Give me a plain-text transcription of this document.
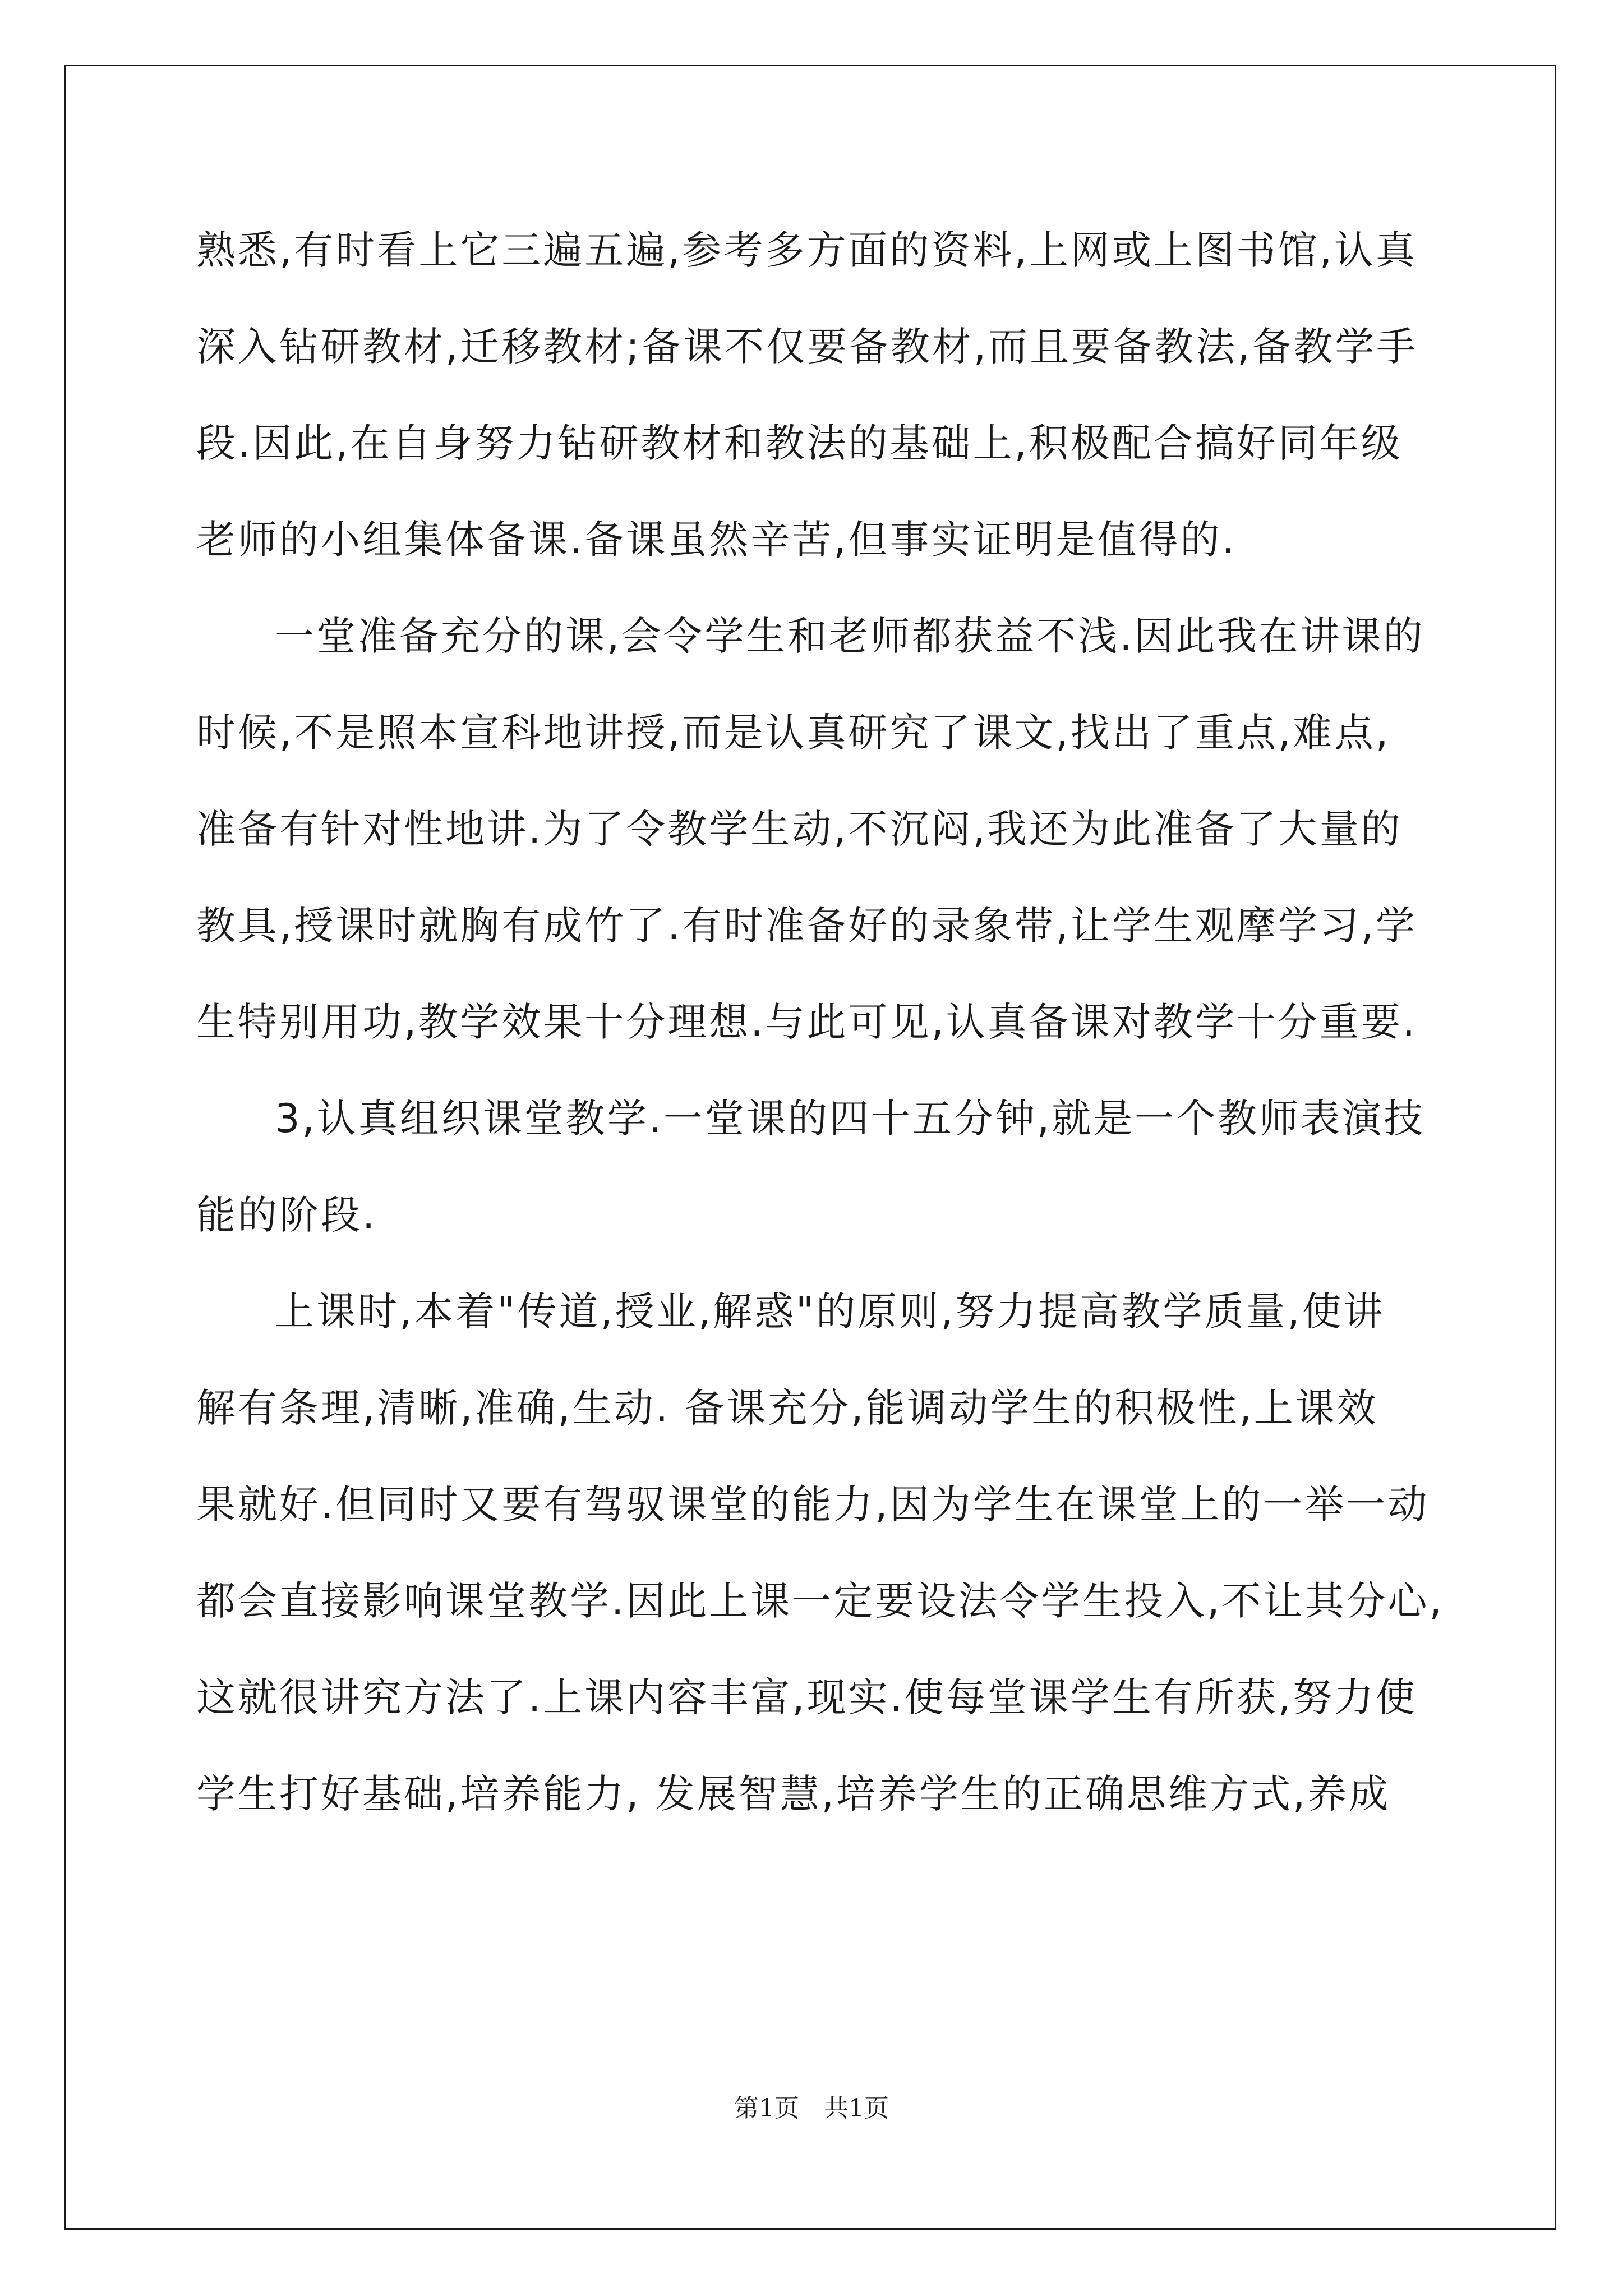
熟悉,有时看上它三遍五遍,参考多方面的资料,上网或上图书馆,认真
深入钻研教材,迁移教材;备课不仅要备教材,而且要备教法,备教学手
段.因此,在自身努力钻研教材和教法的基础上,积极配合搞好同年级
老师的小组集体备课.备课虽然辛苦,但事实证明是值得的.
一堂准备充分的课,会令学生和老师都获益不浅.因此我在讲课的
时候,不是照本宣科地讲授,而是认真研究了课文,找出了重点,难点,
准备有针对性地讲.为了令教学生动,不沉闷,我还为此准备了大量的
教具,授课时就胸有成竹了.有时准备好的录象带,让学生观摩学习,学
生特别用功,教学效果十分理想.与此可见,认真备课对教学十分重要.
3,认真组织课堂教学.一堂课的四十五分钟,就是一个教师表演技
能的阶段.
上课时,本着"传道,授业,解惑"的原则,努力提高教学质量,使讲
解有条理,清晰,准确,生动. 备课充分,能调动学生的积极性,上课效
果就好.但同时又要有驾驭课堂的能力,因为学生在课堂上的一举一动
都会直接影响课堂教学.因此上课一定要设法令学生投入,不让其分心,
这就很讲究方法了.上课内容丰富,现实.使每堂课学生有所获,努力使
学生打好基础,培养能力, 发展智慧,培养学生的正确思维方式,养成
第1页　共1页
